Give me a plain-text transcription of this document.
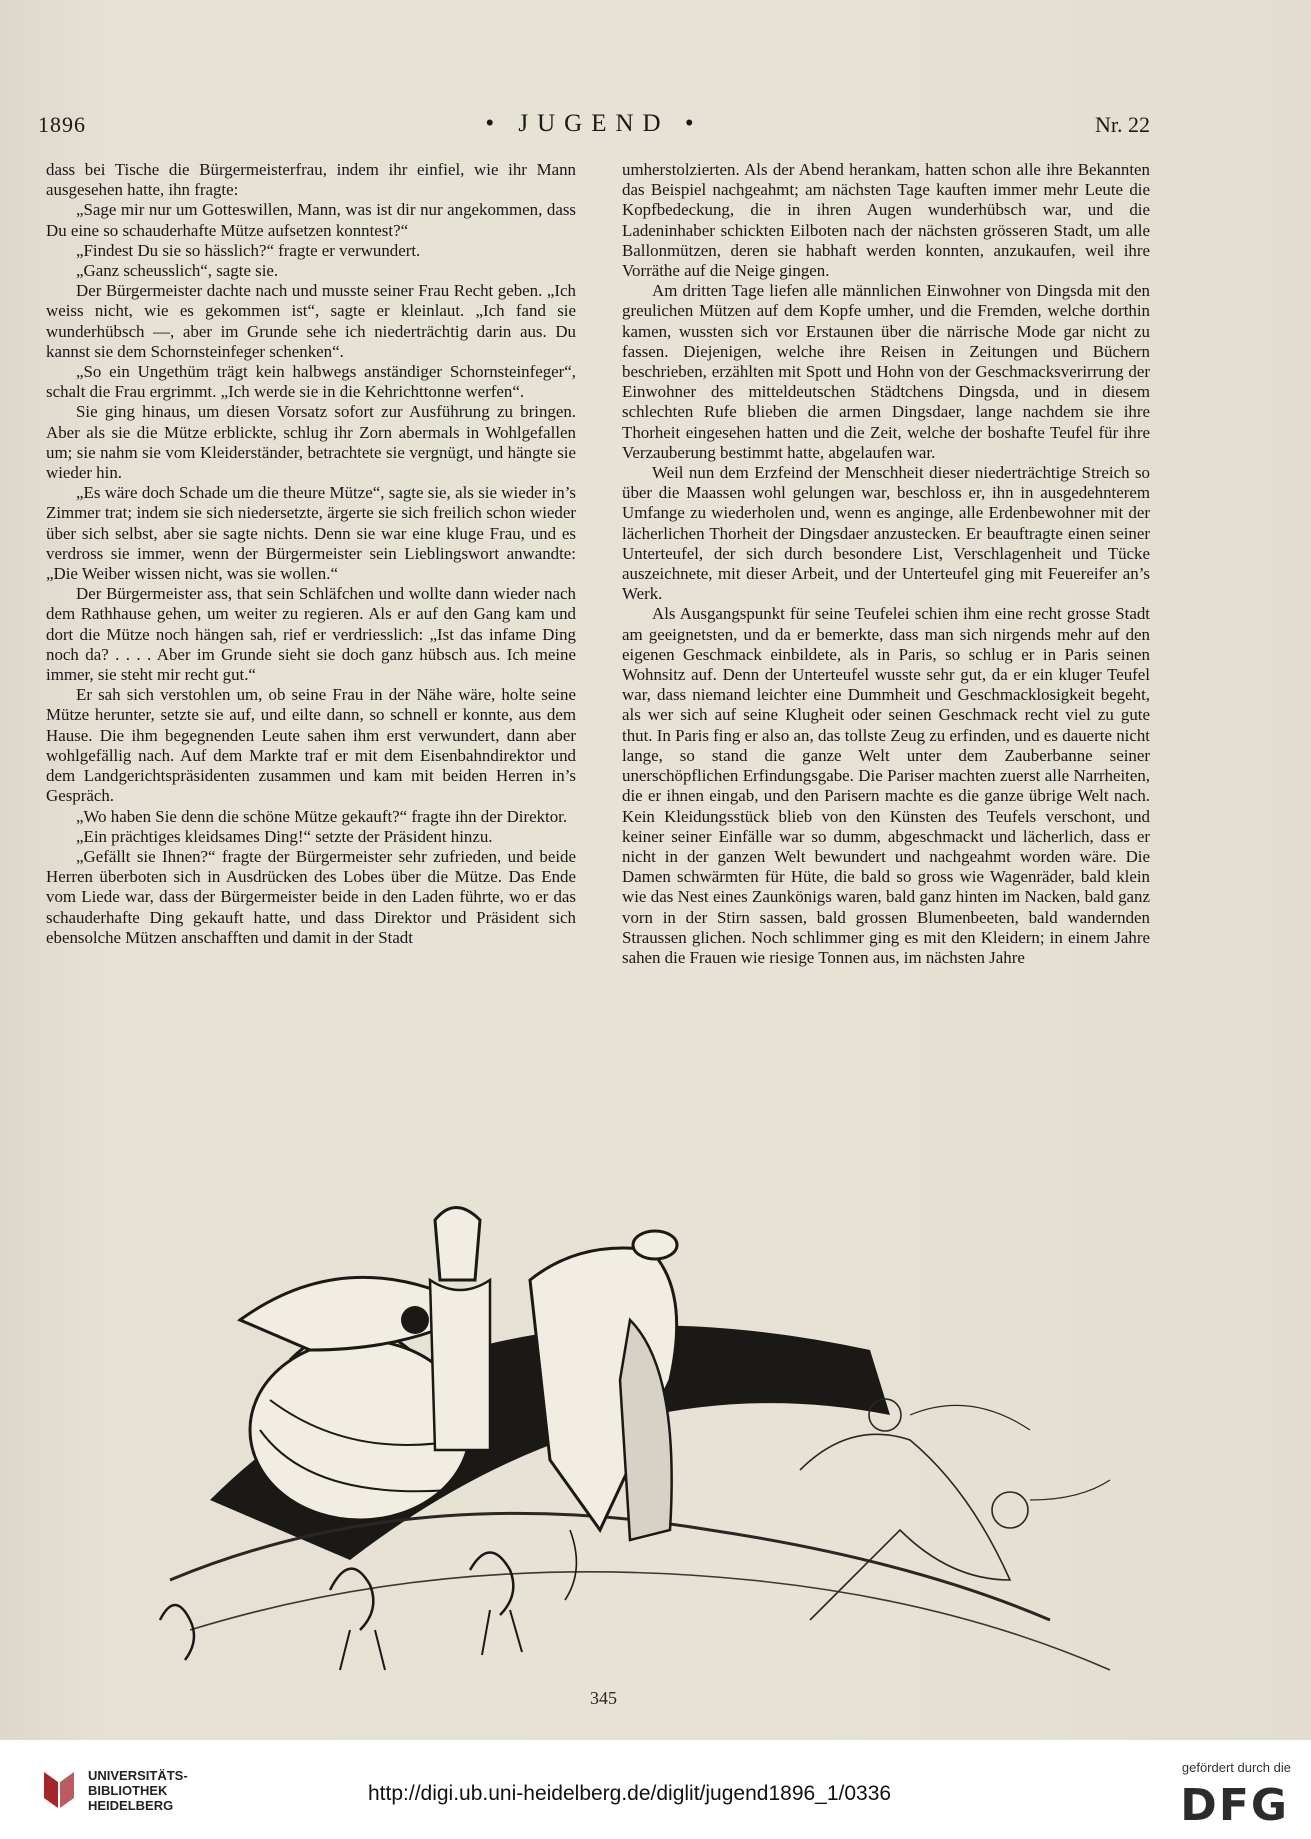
1896	• JUGEND •	Nr. 22

dass bei Tische die Bürgermeisterfrau, indem ihr einfiel, wie ihr Mann ausgesehen hatte, ihn fragte:

„Sage mir nur um Gotteswillen, Mann, was ist dir nur angekommen, dass Du eine so schauderhafte Mütze aufsetzen konntest?“

„Findest Du sie so hässlich?“ fragte er verwundert.

„Ganz scheusslich“, sagte sie.

Der Bürgermeister dachte nach und musste seiner Frau Recht geben. „Ich weiss nicht, wie es gekommen ist“, sagte er kleinlaut. „Ich fand sie wunderhübsch —, aber im Grunde sehe ich niederträchtig darin aus. Du kannst sie dem Schornsteinfeger schenken“.

„So ein Ungethüm trägt kein halbwegs anständiger Schornsteinfeger“, schalt die Frau ergrimmt. „Ich werde sie in die Kehrichttonne werfen“.

Sie ging hinaus, um diesen Vorsatz sofort zur Ausführung zu bringen. Aber als sie die Mütze erblickte, schlug ihr Zorn abermals in Wohlgefallen um; sie nahm sie vom Kleiderständer, betrachtete sie vergnügt, und hängte sie wieder hin.

„Es wäre doch Schade um die theure Mütze“, sagte sie, als sie wieder in’s Zimmer trat; indem sie sich niedersetzte, ärgerte sie sich freilich schon wieder über sich selbst, aber sie sagte nichts. Denn sie war eine kluge Frau, und es verdross sie immer, wenn der Bürgermeister sein Lieblingswort anwandte: „Die Weiber wissen nicht, was sie wollen.“

Der Bürgermeister ass, that sein Schläfchen und wollte dann wieder nach dem Rathhause gehen, um weiter zu regieren. Als er auf den Gang kam und dort die Mütze noch hängen sah, rief er verdriesslich: „Ist das infame Ding noch da? . . . . Aber im Grunde sieht sie doch ganz hübsch aus. Ich meine immer, sie steht mir recht gut.“

Er sah sich verstohlen um, ob seine Frau in der Nähe wäre, holte seine Mütze herunter, setzte sie auf, und eilte dann, so schnell er konnte, aus dem Hause. Die ihm begegnenden Leute sahen ihm erst verwundert, dann aber wohlgefällig nach. Auf dem Markte traf er mit dem Eisenbahndirektor und dem Landgerichtspräsidenten zusammen und kam mit beiden Herren in’s Gespräch.

„Wo haben Sie denn die schöne Mütze gekauft?“ fragte ihn der Direktor.

„Ein prächtiges kleidsames Ding!“ setzte der Präsident hinzu.

„Gefällt sie Ihnen?“ fragte der Bürgermeister sehr zufrieden, und beide Herren überboten sich in Ausdrücken des Lobes über die Mütze. Das Ende vom Liede war, dass der Bürgermeister beide in den Laden führte, wo er das schauderhafte Ding gekauft hatte, und dass Direktor und Präsident sich ebensolche Mützen anschafften und damit in der Stadt

umherstolzierten. Als der Abend herankam, hatten schon alle ihre Bekannten das Beispiel nachgeahmt; am nächsten Tage kauften immer mehr Leute die Kopfbedeckung, die in ihren Augen wunderhübsch war, und die Ladeninhaber schickten Eilboten nach der nächsten grösseren Stadt, um alle Ballonmützen, deren sie habhaft werden konnten, anzukaufen, weil ihre Vorräthe auf die Neige gingen.

Am dritten Tage liefen alle männlichen Einwohner von Dingsda mit den greulichen Mützen auf dem Kopfe umher, und die Fremden, welche dorthin kamen, wussten sich vor Erstaunen über die närrische Mode gar nicht zu fassen. Diejenigen, welche ihre Reisen in Zeitungen und Büchern beschrieben, erzählten mit Spott und Hohn von der Geschmacksverirrung der Einwohner des mitteldeutschen Städtchens Dingsda, und in diesem schlechten Rufe blieben die armen Dingsdaer, lange nachdem sie ihre Thorheit eingesehen hatten und die Zeit, welche der boshafte Teufel für ihre Verzauberung bestimmt hatte, abgelaufen war.

Weil nun dem Erzfeind der Menschheit dieser niederträchtige Streich so über die Maassen wohl gelungen war, beschloss er, ihn in ausgedehnterem Umfange zu wiederholen und, wenn es anginge, alle Erdenbewohner mit der lächerlichen Thorheit der Dingsdaer anzustecken. Er beauftragte einen seiner Unterteufel, der sich durch besondere List, Verschlagenheit und Tücke auszeichnete, mit dieser Arbeit, und der Unterteufel ging mit Feuereifer an’s Werk.

Als Ausgangspunkt für seine Teufelei schien ihm eine recht grosse Stadt am geeignetsten, und da er bemerkte, dass man sich nirgends mehr auf den eigenen Geschmack einbildete, als in Paris, so schlug er in Paris seinen Wohnsitz auf. Denn der Unterteufel wusste sehr gut, da er ein kluger Teufel war, dass niemand leichter eine Dummheit und Geschmacklosigkeit begeht, als wer sich auf seine Klugheit oder seinen Geschmack recht viel zu gute thut. In Paris fing er also an, das tollste Zeug zu erfinden, und es dauerte nicht lange, so stand die ganze Welt unter dem Zauberbanne seiner unerschöpflichen Erfindungsgabe. Die Pariser machten zuerst alle Narrheiten, die er ihnen eingab, und den Parisern machte es die ganze übrige Welt nach. Kein Kleidungsstück blieb von den Künsten des Teufels verschont, und keiner seiner Einfälle war so dumm, abgeschmackt und lächerlich, dass er nicht in der ganzen Welt bewundert und nachgeahmt worden wäre. Die Damen schwärmten für Hüte, die bald so gross wie Wagenräder, bald klein wie das Nest eines Zaunkönigs waren, bald ganz hinten im Nacken, bald ganz vorn in der Stirn sassen, bald grossen Blumenbeeten, bald wandernden Straussen glichen. Noch schlimmer ging es mit den Kleidern; in einem Jahre sahen die Frauen wie riesige Tonnen aus, im nächsten Jahre

345
UNIVERSITÄTS-
BIBLIOTHEK
HEIDELBERG
http://digi.ub.uni-heidelberg.de/diglit/jugend1896_1/0336
gefördert durch die
DFG
